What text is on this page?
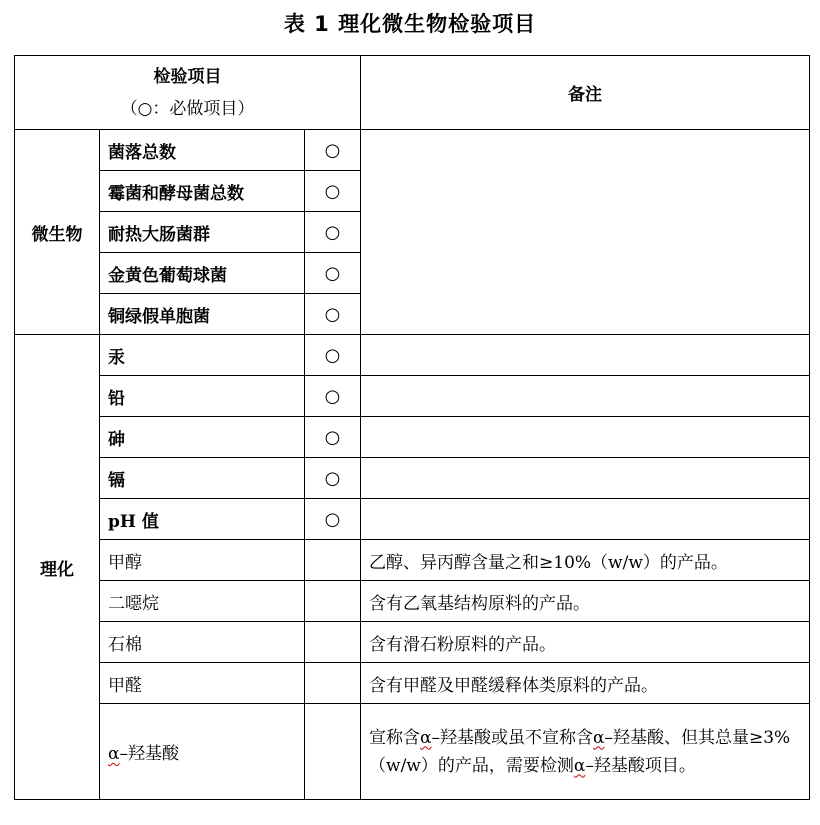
表 1 理化微生物检验项目
检验项目
（○：必做项目）			备注
微生物	菌落总数	○	
	霉菌和酵母菌总数	○	
	耐热大肠菌群	○	
	金黄色葡萄球菌	○	
	铜绿假单胞菌	○	
理化	汞	○	
	铅	○	
	砷	○	
	镉	○	
	pH 值	○	
	甲醇		乙醇、异丙醇含量之和≥10%（w/w）的产品。
	二噁烷		含有乙氧基结构原料的产品。
	石棉		含有滑石粉原料的产品。
	甲醛		含有甲醛及甲醛缓释体类原料的产品。
	α–羟基酸		宣称含α–羟基酸或虽不宣称含α–羟基酸、但其总量≥3%（w/w）的产品，需要检测α–羟基酸项目。
